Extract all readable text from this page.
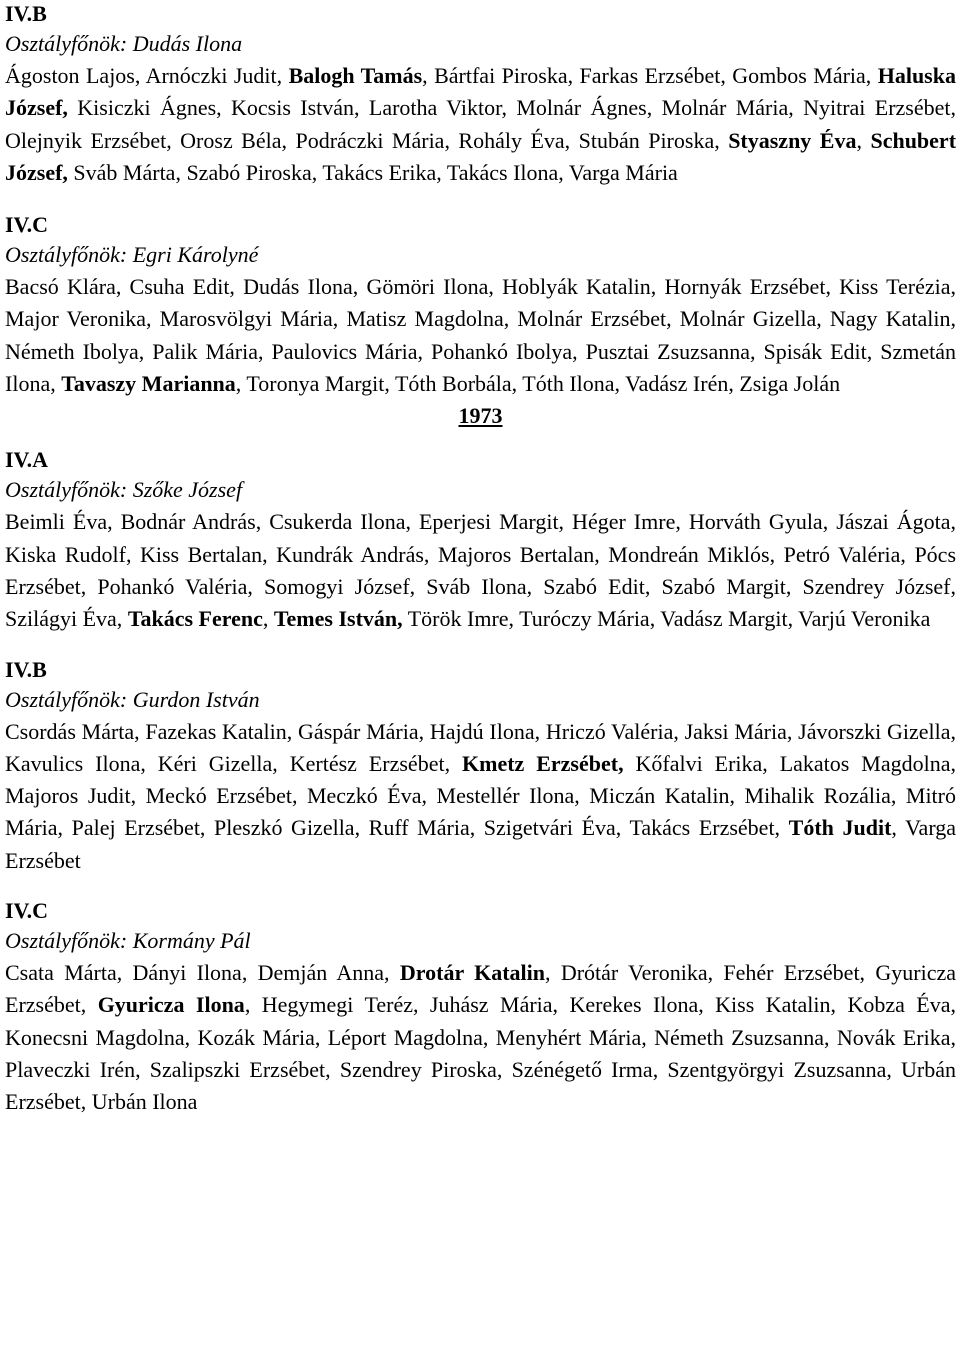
IV.B

Osztályfőnök: Dudás Ilona

Ágoston Lajos, Arnóczki Judit, Balogh Tamás, Bártfai Piroska, Farkas Erzsébet, Gombos Mária, Haluska József, Kisiczki Ágnes, Kocsis István, Larotha Viktor, Molnár Ágnes, Molnár Mária, Nyitrai Erzsébet, Olejnyik Erzsébet, Orosz Béla, Podráczki Mária, Rohály Éva, Stubán Piroska, Styaszny Éva, Schubert József, Sváb Márta, Szabó Piroska, Takács Erika, Takács Ilona, Varga Mária

IV.C

Osztályfőnök: Egri Károlyné

Bacsó Klára, Csuha Edit, Dudás Ilona, Gömöri Ilona, Hoblyák Katalin, Hornyák Erzsébet, Kiss Terézia, Major Veronika, Marosvölgyi Mária, Matisz Magdolna, Molnár Erzsébet, Molnár Gizella, Nagy Katalin, Németh Ibolya, Palik Mária, Paulovics Mária, Pohankó Ibolya, Pusztai Zsuzsanna, Spisák Edit, Szmetán Ilona, Tavaszy Marianna, Toronya Margit, Tóth Borbála, Tóth Ilona, Vadász Irén, Zsiga Jolán

1973

IV.A

Osztályfőnök: Szőke József

Beimli Éva, Bodnár András, Csukerda Ilona, Eperjesi Margit, Héger Imre, Horváth Gyula, Jászai Ágota, Kiska Rudolf, Kiss Bertalan, Kundrák András, Majoros Bertalan, Mondreán Miklós, Petró Valéria, Pócs Erzsébet, Pohankó Valéria, Somogyi József, Sváb Ilona, Szabó Edit, Szabó Margit, Szendrey József, Szilágyi Éva, Takács Ferenc, Temes István, Török Imre, Turóczy Mária, Vadász Margit, Varjú Veronika

IV.B

Osztályfőnök: Gurdon István

Csordás Márta, Fazekas Katalin, Gáspár Mária, Hajdú Ilona, Hriczó Valéria, Jaksi Mária, Jávorszki Gizella, Kavulics Ilona, Kéri Gizella, Kertész Erzsébet, Kmetz Erzsébet, Kőfalvi Erika, Lakatos Magdolna, Majoros Judit, Meckó Erzsébet, Meczkó Éva, Mestellér Ilona, Miczán Katalin, Mihalik Rozália, Mitró Mária, Palej Erzsébet, Pleszkó Gizella, Ruff Mária, Szigetvári Éva, Takács Erzsébet, Tóth Judit, Varga Erzsébet

IV.C

Osztályfőnök: Kormány Pál

Csata Márta, Dányi Ilona, Demján Anna, Drotár Katalin, Drótár Veronika, Fehér Erzsébet, Gyuricza Erzsébet, Gyuricza Ilona, Hegymegi Teréz, Juhász Mária, Kerekes Ilona, Kiss Katalin, Kobza Éva, Konecsni Magdolna, Kozák Mária, Léport Magdolna, Menyhért Mária, Németh Zsuzsanna, Novák Erika, Plaveczki Irén, Szalipszki Erzsébet, Szendrey Piroska, Szénégető Irma, Szentgyörgyi Zsuzsanna, Urbán Erzsébet, Urbán Ilona
